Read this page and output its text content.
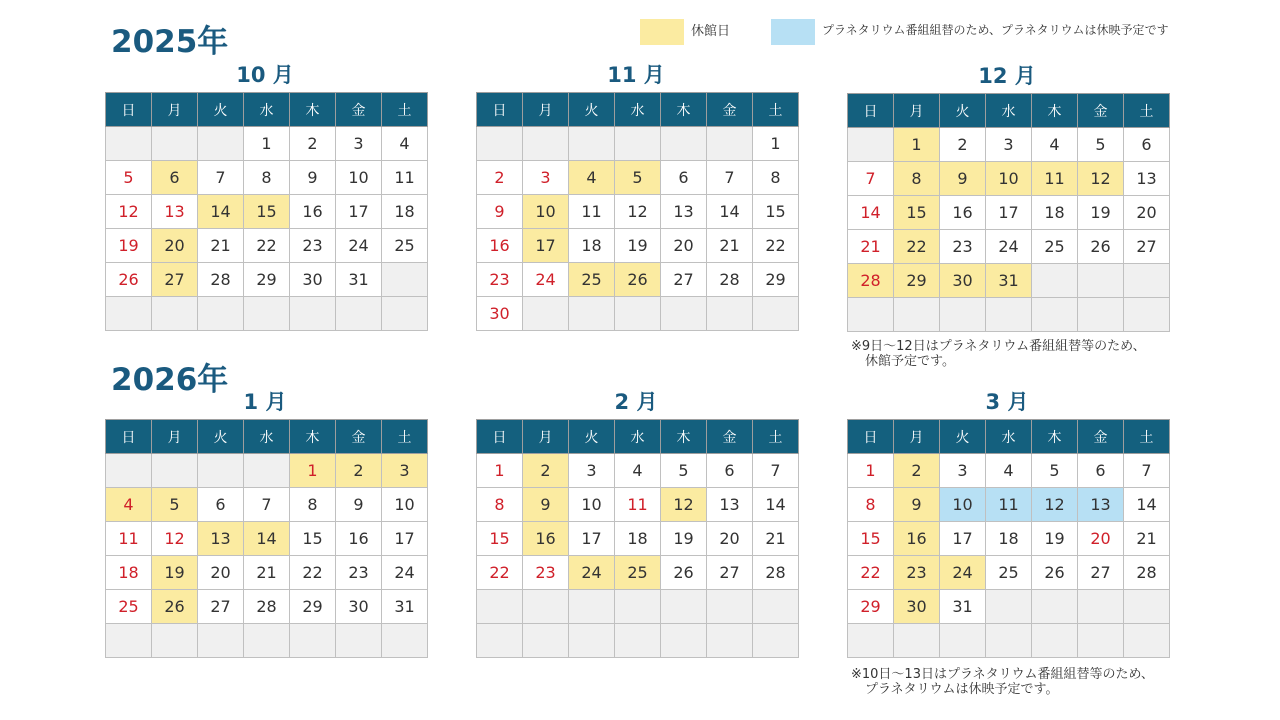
2025年
2026年
休館日	プラネタリウム番組組替のため、プラネタリウムは休映予定です
10 月
日	月	火	水	木	金	土
			1	2	3	4
5	6	7	8	9	10	11
12	13	14	15	16	17	18
19	20	21	22	23	24	25
26	27	28	29	30	31	

11 月
日	月	火	水	木	金	土
						1
2	3	4	5	6	7	8
9	10	11	12	13	14	15
16	17	18	19	20	21	22
23	24	25	26	27	28	29
30						
12 月
日	月	火	水	木	金	土
	1	2	3	4	5	6
7	8	9	10	11	12	13
14	15	16	17	18	19	20
21	22	23	24	25	26	27
28	29	30	31			

1 月
日	月	火	水	木	金	土
				1	2	3
4	5	6	7	8	9	10
11	12	13	14	15	16	17
18	19	20	21	22	23	24
25	26	27	28	29	30	31

2 月
日	月	火	水	木	金	土
1	2	3	4	5	6	7
8	9	10	11	12	13	14
15	16	17	18	19	20	21
22	23	24	25	26	27	28

3 月
日	月	火	水	木	金	土
1	2	3	4	5	6	7
8	9	10	11	12	13	14
15	16	17	18	19	20	21
22	23	24	25	26	27	28
29	30	31				

※9日～12日はプラネタリウム番組組替等のため、
休館予定です。
※10日～13日はプラネタリウム番組組替等のため、
プラネタリウムは休映予定です。
